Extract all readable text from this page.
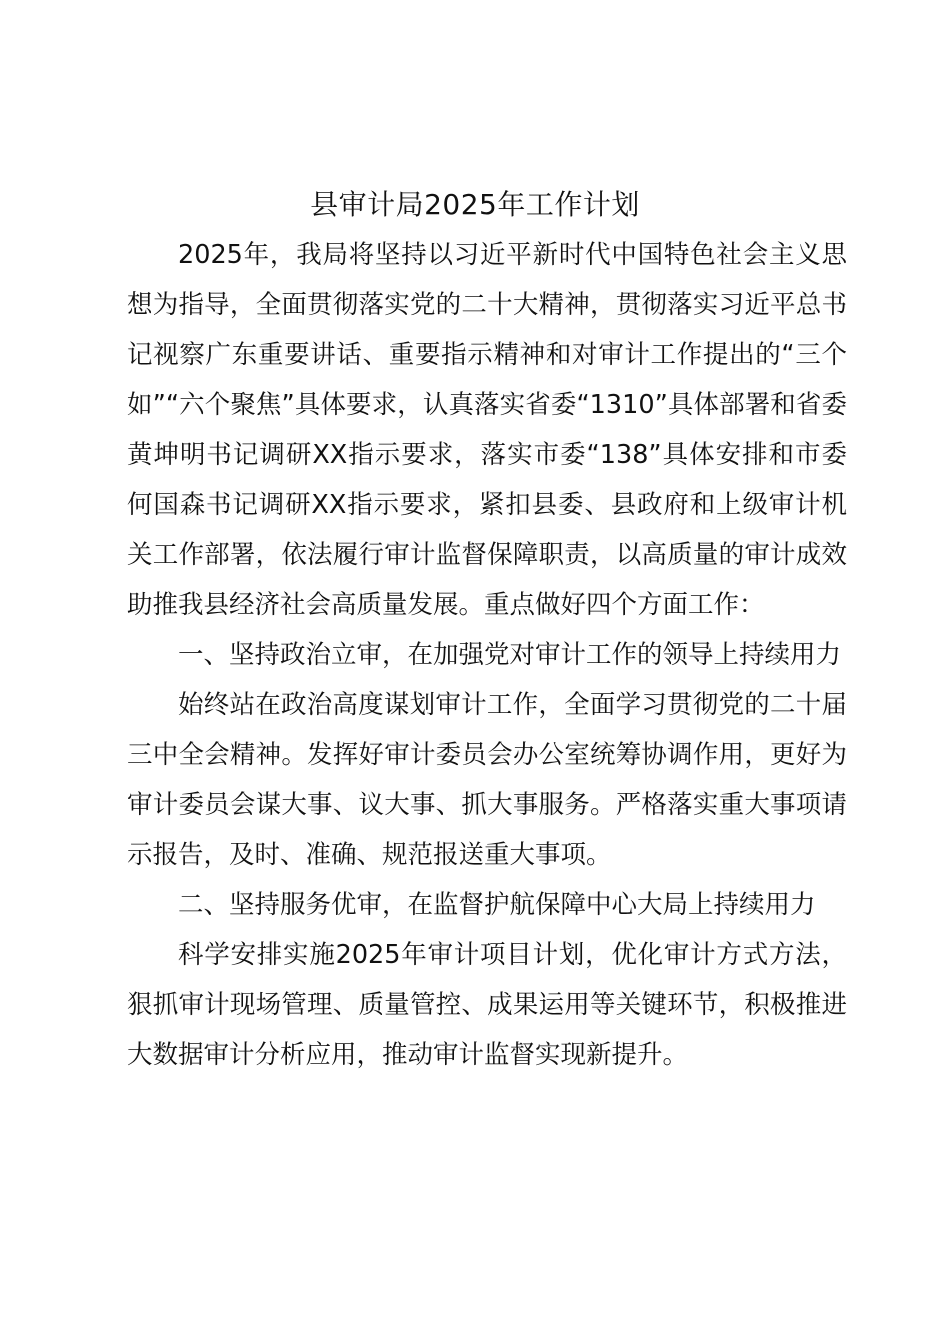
县审计局2025年工作计划

2025年，我局将坚持以习近平新时代中国特色社会主义思想为指导，全面贯彻落实党的二十大精神，贯彻落实习近平总书记视察广东重要讲话、重要指示精神和对审计工作提出的“三个如”“六个聚焦”具体要求，认真落实省委“1310”具体部署和省委黄坤明书记调研XX指示要求，落实市委“138”具体安排和市委何国森书记调研XX指示要求，紧扣县委、县政府和上级审计机关工作部署，依法履行审计监督保障职责，以高质量的审计成效助推我县经济社会高质量发展。重点做好四个方面工作：

一、坚持政治立审，在加强党对审计工作的领导上持续用力

始终站在政治高度谋划审计工作，全面学习贯彻党的二十届三中全会精神。发挥好审计委员会办公室统筹协调作用，更好为审计委员会谋大事、议大事、抓大事服务。严格落实重大事项请示报告，及时、准确、规范报送重大事项。

二、坚持服务优审，在监督护航保障中心大局上持续用力

科学安排实施2025年审计项目计划，优化审计方式方法，狠抓审计现场管理、质量管控、成果运用等关键环节，积极推进大数据审计分析应用，推动审计监督实现新提升。
